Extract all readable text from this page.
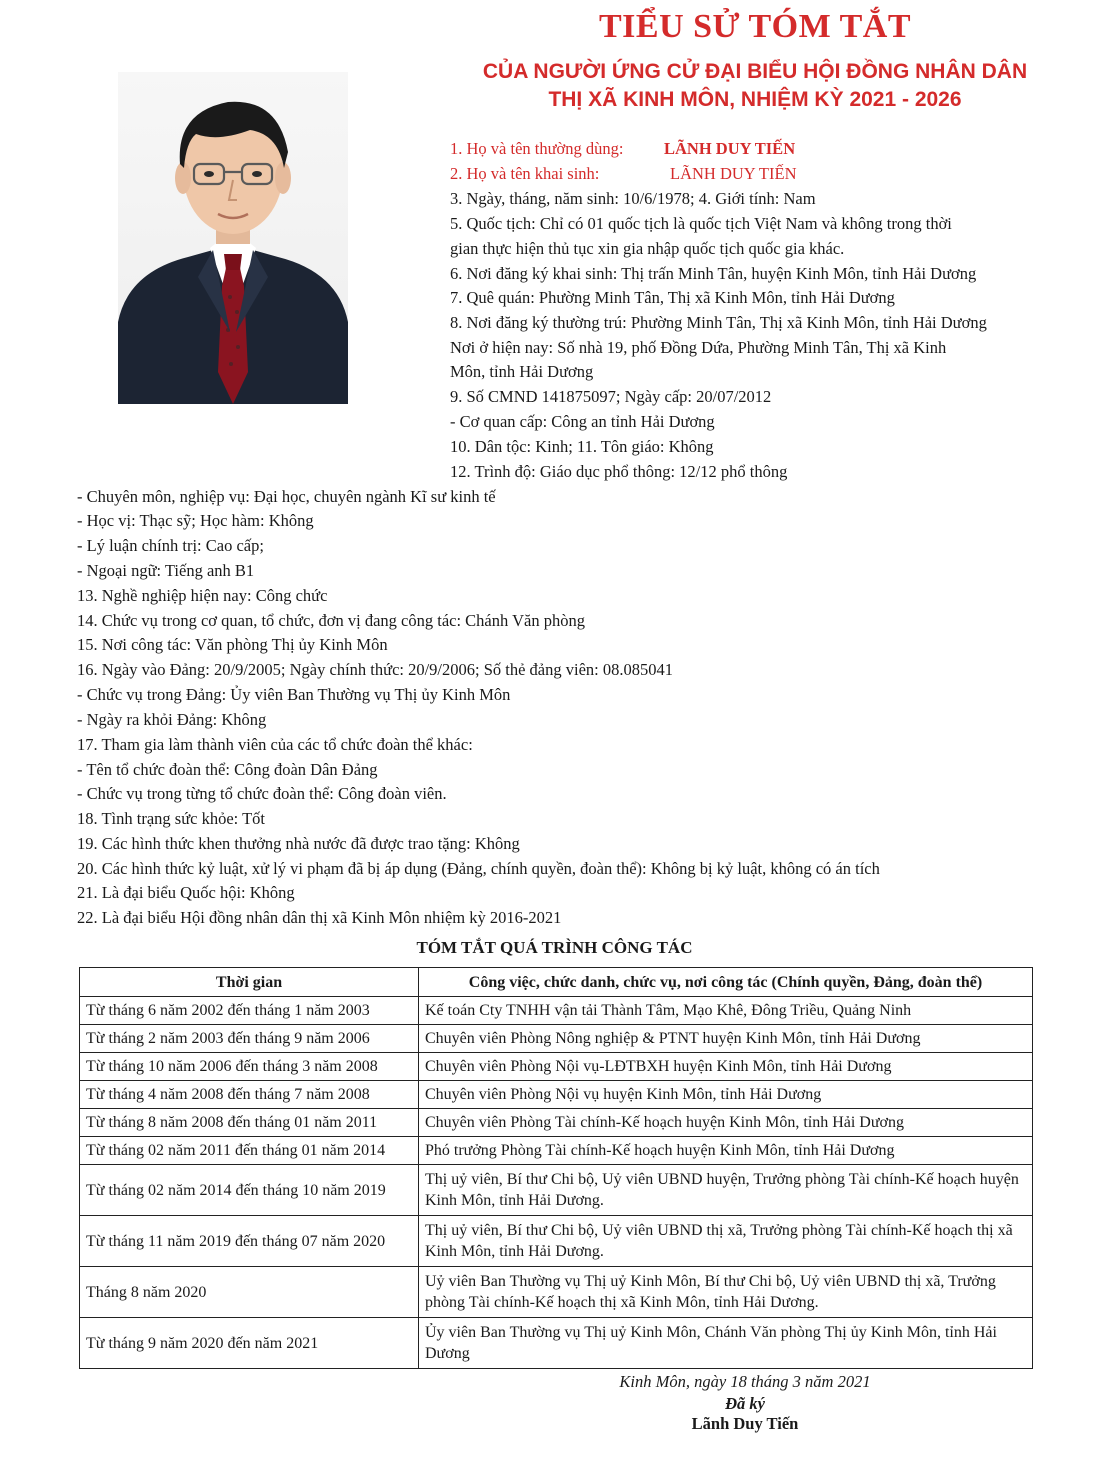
TIỂU SỬ TÓM TẮT
CỦA NGƯỜI ỨNG CỬ ĐẠI BIỂU HỘI ĐỒNG NHÂN DÂN
THỊ XÃ KINH MÔN, NHIỆM KỲ 2021 - 2026
1. Họ và tên thường dùng: LÃNH DUY TIẾN
2. Họ và tên khai sinh:	LÃNH DUY TIẾN
3. Ngày, tháng, năm sinh: 10/6/1978; 4. Giới tính: Nam
5. Quốc tịch: Chỉ có 01 quốc tịch là quốc tịch Việt Nam và không trong thời
gian thực hiện thủ tục xin gia nhập quốc tịch quốc gia khác.
6. Nơi đăng ký khai sinh: Thị trấn Minh Tân, huyện Kinh Môn, tỉnh Hải Dương
7. Quê quán: Phường Minh Tân, Thị xã Kinh Môn, tỉnh Hải Dương
8. Nơi đăng ký thường trú: Phường Minh Tân, Thị xã Kinh Môn, tỉnh Hải Dương
Nơi ở hiện nay: Số nhà 19, phố Đồng Dứa, Phường Minh Tân, Thị xã Kinh
Môn, tỉnh Hải Dương
9. Số CMND 141875097; Ngày cấp: 20/07/2012
- Cơ quan cấp: Công an tỉnh Hải Dương
10. Dân tộc: Kinh; 11. Tôn giáo: Không
12. Trình độ: Giáo dục phổ thông: 12/12 phổ thông
- Chuyên môn, nghiệp vụ: Đại học, chuyên ngành Kĩ sư kinh tế
- Học vị: Thạc sỹ; Học hàm: Không
- Lý luận chính trị: Cao cấp;
- Ngoại ngữ: Tiếng anh B1
13. Nghề nghiệp hiện nay: Công chức
14. Chức vụ trong cơ quan, tổ chức, đơn vị đang công tác: Chánh Văn phòng
15. Nơi công tác: Văn phòng Thị ủy Kinh Môn
16. Ngày vào Đảng: 20/9/2005; Ngày chính thức: 20/9/2006; Số thẻ đảng viên: 08.085041
- Chức vụ trong Đảng: Ủy viên Ban Thường vụ Thị ủy Kinh Môn
- Ngày ra khỏi Đảng: Không
17. Tham gia làm thành viên của các tổ chức đoàn thể khác:
- Tên tổ chức đoàn thể: Công đoàn Dân Đảng
- Chức vụ trong từng tổ chức đoàn thể: Công đoàn viên.
18. Tình trạng sức khỏe: Tốt
19. Các hình thức khen thưởng nhà nước đã được trao tặng: Không
20. Các hình thức kỷ luật, xử lý vi phạm đã bị áp dụng (Đảng, chính quyền, đoàn thể): Không bị kỷ luật, không có án tích
21. Là đại biểu Quốc hội: Không
22. Là đại biểu Hội đồng nhân dân thị xã Kinh Môn nhiệm kỳ 2016-2021
TÓM TẮT QUÁ TRÌNH CÔNG TÁC
Thời gian	Công việc, chức danh, chức vụ, nơi công tác (Chính quyền, Đảng, đoàn thể)
Từ tháng 6 năm 2002 đến tháng 1 năm 2003	Kế toán Cty TNHH vận tải Thành Tâm, Mạo Khê, Đông Triều, Quảng Ninh
Từ tháng 2 năm 2003 đến tháng 9 năm 2006	Chuyên viên Phòng Nông nghiệp & PTNT huyện Kinh Môn, tỉnh Hải Dương
Từ tháng 10 năm 2006 đến tháng 3 năm 2008	Chuyên viên Phòng Nội vụ-LĐTBXH huyện Kinh Môn, tỉnh Hải Dương
Từ tháng 4 năm 2008 đến tháng 7 năm 2008	Chuyên viên Phòng Nội vụ huyện Kinh Môn, tỉnh Hải Dương
Từ tháng 8 năm 2008 đến tháng 01 năm 2011	Chuyên viên Phòng Tài chính-Kế hoạch huyện Kinh Môn, tỉnh Hải Dương
Từ tháng 02 năm 2011 đến tháng 01 năm 2014	Phó trưởng Phòng Tài chính-Kế hoạch huyện Kinh Môn, tỉnh Hải Dương
Từ tháng 02 năm 2014 đến tháng 10 năm 2019	Thị uỷ viên, Bí thư Chi bộ, Uỷ viên UBND huyện, Trưởng phòng Tài chính-Kế hoạch huyện Kinh Môn, tỉnh Hải Dương.
Từ tháng 11 năm 2019 đến tháng 07 năm 2020	Thị uỷ viên, Bí thư Chi bộ, Uỷ viên UBND thị xã, Trưởng phòng Tài chính-Kế hoạch thị xã Kinh Môn, tỉnh Hải Dương.
Tháng 8 năm 2020	Uỷ viên Ban Thường vụ Thị uỷ Kinh Môn, Bí thư Chi bộ, Uỷ viên UBND thị xã, Trưởng phòng Tài chính-Kế hoạch thị xã Kinh Môn, tỉnh Hải Dương.
Từ tháng 9 năm 2020 đến năm 2021	Ủy viên Ban Thường vụ Thị uỷ Kinh Môn, Chánh Văn phòng Thị ủy Kinh Môn, tỉnh Hải Dương
Kinh Môn, ngày 18 tháng 3 năm 2021
Đã ký
Lãnh Duy Tiến
